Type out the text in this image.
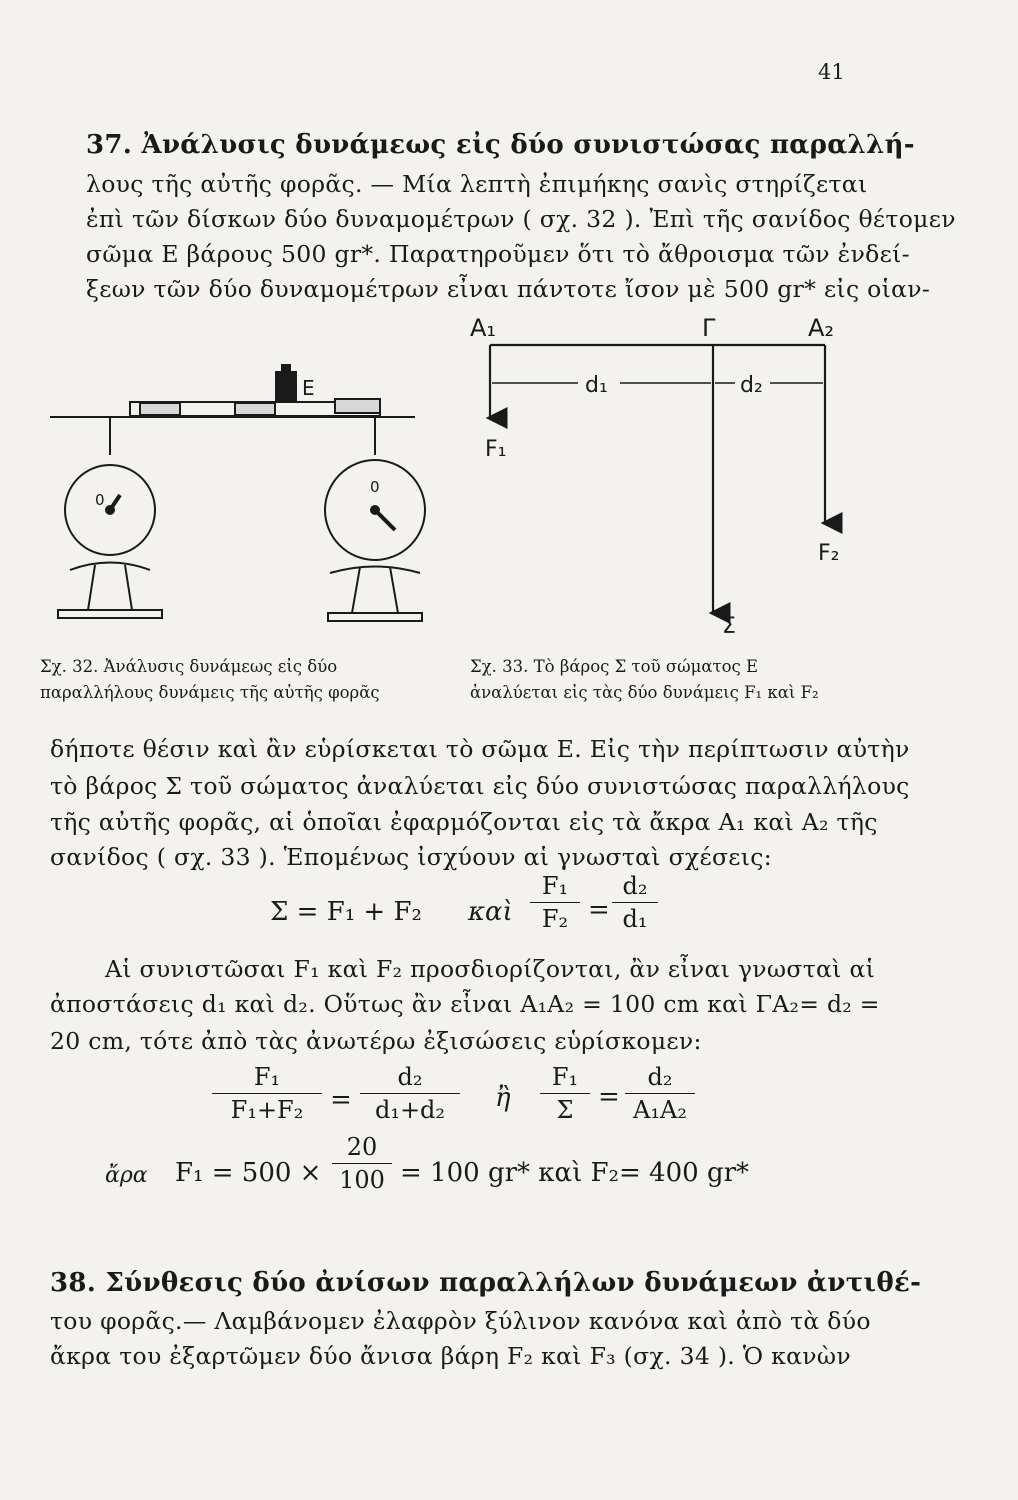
41
37. Ἀνάλυσις δυνάμεως εἰς δύο συνιστώσας παραλλή-
λους τῆς αὐτῆς φορᾶς. — Μία λεπτὴ ἐπιμήκης σανὶς στηρίζεται
ἐπὶ τῶν δίσκων δύο δυναμομέτρων ( σχ. 32 ). Ἐπὶ τῆς σανίδος θέτομεν
σῶμα Ε βάρους 500 gr*. Παρατηροῦμεν ὅτι τὸ ἄθροισμα τῶν ἐνδεί-
ξεων τῶν δύο δυναμομέτρων εἶναι πάντοτε ἴσον μὲ 500 gr* εἰς οἱαν-
E
0
0
Σχ. 32. Ἀνάλυσις δυνάμεως εἰς δύο
παραλλήλους δυνάμεις τῆς αὐτῆς φορᾶς
A₁	Γ	A₂
d₁	d₂
F₁
F₂
Σ
Σχ. 33. Τὸ βάρος Σ τοῦ σώματος Ε
ἀναλύεται εἰς τὰς δύο δυνάμεις F₁ καὶ F₂
δήποτε θέσιν καὶ ἂν εὑρίσκεται τὸ σῶμα Ε. Εἰς τὴν περίπτωσιν αὐτὴν
τὸ βάρος Σ τοῦ σώματος ἀναλύεται εἰς δύο συνιστώσας παραλλήλους
τῆς αὐτῆς φορᾶς, αἱ ὁποῖαι ἐφαρμόζονται εἰς τὰ ἄκρα A₁ καὶ A₂ τῆς
σανίδος ( σχ. 33 ). Ἑπομένως ἰσχύουν αἱ γνωσταὶ σχέσεις:
Σ = F₁ + F₂ καὶ $\frac{\text{F₁}}{\text{F₂}} = \frac{\text{d₂}}{\text{d₁}}$
Αἱ συνιστῶσαι F₁ καὶ F₂ προσδιορίζονται, ἂν εἶναι γνωσταὶ αἱ
ἀποστάσεις d₁ καὶ d₂. Οὕτως ἂν εἶναι A₁A₂ = 100 cm καὶ ΓA₂= d₂ =
20 cm, τότε ἀπὸ τὰς ἀνωτέρω ἐξισώσεις εὑρίσκομεν:
$\frac{\text{F₁}}{\text{F₁+F₂}} = \frac{\text{d₂}}{\text{d₁+d₂}}$ ἢ $\frac{\text{F₁}}{\Sigma} = \frac{\text{d₂}}{\text{A₁A₂}}$
ἄρα $F_1 = 500 \times \frac{20}{100} = 100$ gr* καὶ F₂= 400 gr*
38. Σύνθεσις δύο ἀνίσων παραλλήλων δυνάμεων ἀντιθέ-
του φορᾶς.— Λαμβάνομεν ἐλαφρὸν ξύλινον κανόνα καὶ ἀπὸ τὰ δύο
ἄκρα του ἐξαρτῶμεν δύο ἄνισα βάρη F₂ καὶ F₃ (σχ. 34 ). Ὁ κανὼν
